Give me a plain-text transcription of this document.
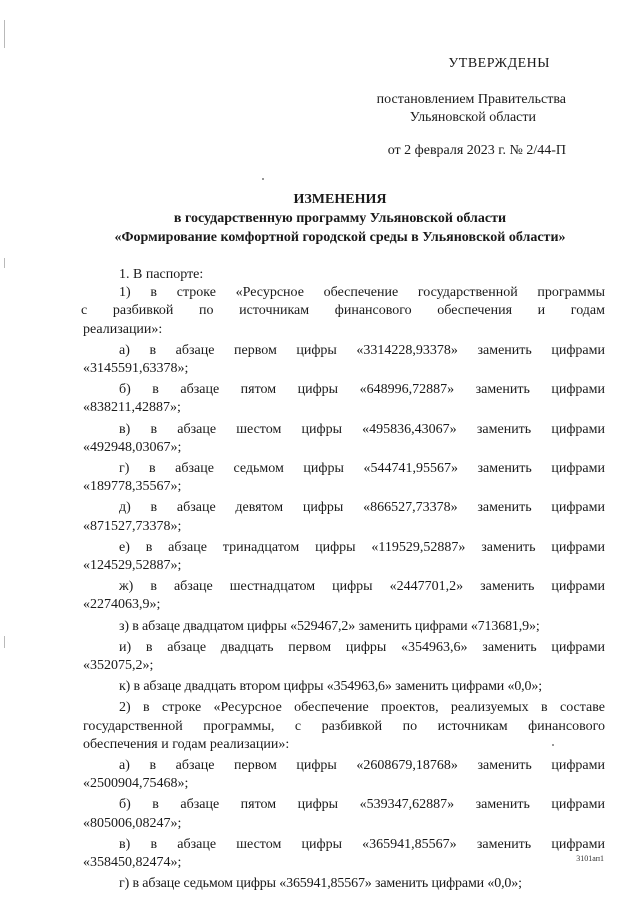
УТВЕРЖДЕНЫ
постановлением Правительства
Ульяновской области
от 2 февраля 2023 г. № 2/44-П
ИЗМЕНЕНИЯ
в государственную программу Ульяновской области
«Формирование комфортной городской среды в Ульяновской области»

1. В паспорте:

1) в строке «Ресурсное обеспечение государственной программы

с разбивкой по источникам финансового обеспечения и годам

реализации»:

а) в абзаце первом цифры «3314228,93378» заменить цифрами

«3145591,63378»;

б) в абзаце пятом цифры «648996,72887» заменить цифрами

«838211,42887»;

в) в абзаце шестом цифры «495836,43067» заменить цифрами

«492948,03067»;

г) в абзаце седьмом цифры «544741,95567» заменить цифрами

«189778,35567»;

д) в абзаце девятом цифры «866527,73378» заменить цифрами

«871527,73378»;

е) в абзаце тринадцатом цифры «119529,52887» заменить цифрами

«124529,52887»;

ж) в абзаце шестнадцатом цифры «2447701,2» заменить цифрами

«2274063,9»;

з) в абзаце двадцатом цифры «529467,2» заменить цифрами «713681,9»;

и) в абзаце двадцать первом цифры «354963,6» заменить цифрами

«352075,2»;

к) в абзаце двадцать втором цифры «354963,6» заменить цифрами «0,0»;

2) в строке «Ресурсное обеспечение проектов, реализуемых в составе

государственной программы, с разбивкой по источникам финансового

обеспечения и годам реализации»:

а) в абзаце первом цифры «2608679,18768» заменить цифрами

«2500904,75468»;

б) в абзаце пятом цифры «539347,62887» заменить цифрами

«805006,08247»;

в) в абзаце шестом цифры «365941,85567» заменить цифрами

«358450,82474»;

г) в абзаце седьмом цифры «365941,85567» заменить цифрами «0,0»;

3101ап1
